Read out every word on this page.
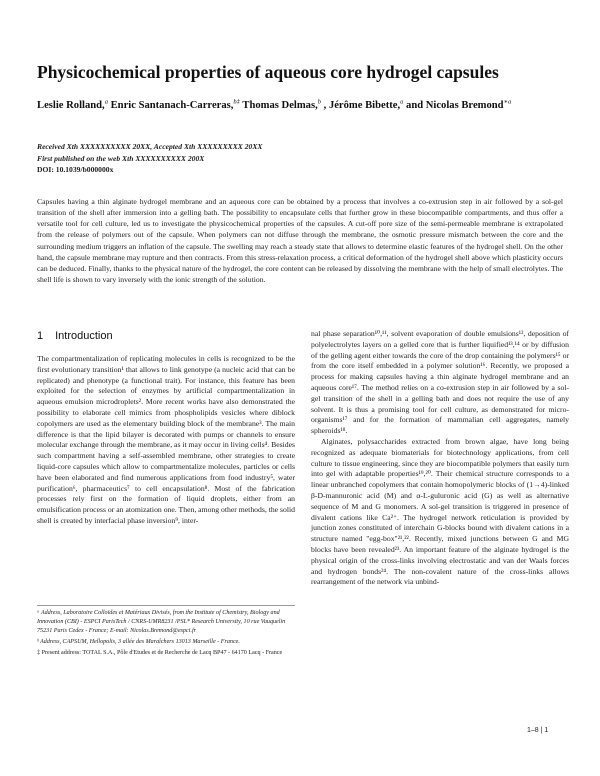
Physicochemical properties of aqueous core hydrogel capsules
Leslie Rolland,$^a$ Enric Santanach-Carreras,$^{b\ddagger}$ Thomas Delmas,$^b$ , Jérôme Bibette,$^a$ and Nicolas Bremond$^{∗a}$
Received Xth XXXXXXXXXX 20XX, Accepted Xth XXXXXXXXX 20XX
First published on the web Xth XXXXXXXXXX 200X
DOI: 10.1039/b000000x
Capsules having a thin alginate hydrogel membrane and an aqueous core can be obtained by a process that involves a co-extrusion step in air followed by a sol-gel transition of the shell after immersion into a gelling bath. The possibility to encapsulate cells that further grow in these biocompatible compartments, and thus offer a versatile tool for cell culture, led us to investigate the physicochemical properties of the capsules. A cut-off pore size of the semi-permeable membrane is extrapolated from the release of polymers out of the capsule. When polymers can not diffuse through the membrane, the osmotic pressure mismatch between the core and the surrounding medium triggers an inflation of the capsule. The swelling may reach a steady state that allows to determine elastic features of the hydrogel shell. On the other hand, the capsule membrane may rupture and then contracts. From this stress-relaxation process, a critical deformation of the hydrogel shell above which plasticity occurs can be deduced. Finally, thanks to the physical nature of the hydrogel, the core content can be released by dissolving the membrane with the help of small electrolytes. The shell life is shown to vary inversely with the ionic strength of the solution.
1 Introduction

The compartmentalization of replicating molecules in cells is recognized to be the first evolutionary transition¹ that allows to link genotype (a nucleic acid that can be replicated) and phenotype (a functional trait). For instance, this feature has been exploited for the selection of enzymes by artificial compartmentalization in aqueous emulsion microdroplets². More recent works have also demonstrated the possibility to elaborate cell mimics from phospholipids vesicles where diblock copolymers are used as the elementary building block of the membrane³. The main difference is that the lipid bilayer is decorated with pumps or channels to ensure molecular exchange through the membrane, as it may occur in living cells⁴. Besides such compartment having a self-assembled membrane, other strategies to create liquid-core capsules which allow to compartmentalize molecules, particles or cells have been elaborated and find numerous applications from food industry⁵, water purification⁶, pharmaceutics⁷ to cell encapsulation⁸. Most of the fabrication processes rely first on the formation of liquid droplets, either from an emulsification process or an atomization one. Then, among other methods, the solid shell is created by interfacial phase inversion⁹, inter-

nal phase separation¹⁰,¹¹, solvent evaporation of double emulsions¹², deposition of polyelectrolytes layers on a gelled core that is further liquified¹³,¹⁴ or by diffusion of the gelling agent either towards the core of the drop containing the polymers¹⁵ or from the core itself embedded in a polymer solution¹⁶. Recently, we proposed a process for making capsules having a thin alginate hydrogel membrane and an aqueous core¹⁷. The method relies on a co-extrusion step in air followed by a sol-gel transition of the shell in a gelling bath and does not require the use of any solvent. It is thus a promising tool for cell culture, as demonstrated for micro-organisms¹⁷ and for the formation of mammalian cell aggregates, namely spheroids¹⁸.

Alginates, polysaccharides extracted from brown algae, have long being recognized as adequate biomaterials for biotechnology applications, from cell culture to tissue engineering, since they are biocompatible polymers that easily turn into gel with adaptable properties¹⁹,²⁰. Their chemical structure corresponds to a linear unbranched copolymers that contain homopolymeric blocks of (1→4)-linked β-D-mannuronic acid (M) and α-L-guluronic acid (G) as well as alternative sequence of M and G monomers. A sol-gel transition is triggered in presence of divalent cations like Ca²⁺. The hydrogel network reticulation is provided by junction zones constituted of interchain G-blocks bound with divalent cations in a structure named "egg-box"²¹,²². Recently, mixed junctions between G and MG blocks have been revealed²³. An important feature of the alginate hydrogel is the physical origin of the cross-links involving electrostatic and van der Waals forces and hydrogen bonds²⁴. The non-covalent nature of the cross-links allows rearrangement of the network via unbind-

ᵃ Address, Laboratoire Colloïdes et Matériaux Divisés, from the Institute of Chemistry, Biology and Innovation (CBI) - ESPCI ParisTech / CNRS-UMR8231 /PSL* Research University, 10 rue Vauquelin 75231 Paris Cedex - France; E-mail: Nicolas.Bremond@espci.fr

ᵇ Address, CAPSUM, Hellopolis, 3 allée des Maraîchers 13013 Marseille - France.

‡ Present address: TOTAL S.A., Pôle d'Etudes et de Recherche de Lacq BP47 - 64170 Lacq - France

1–8 | 1
